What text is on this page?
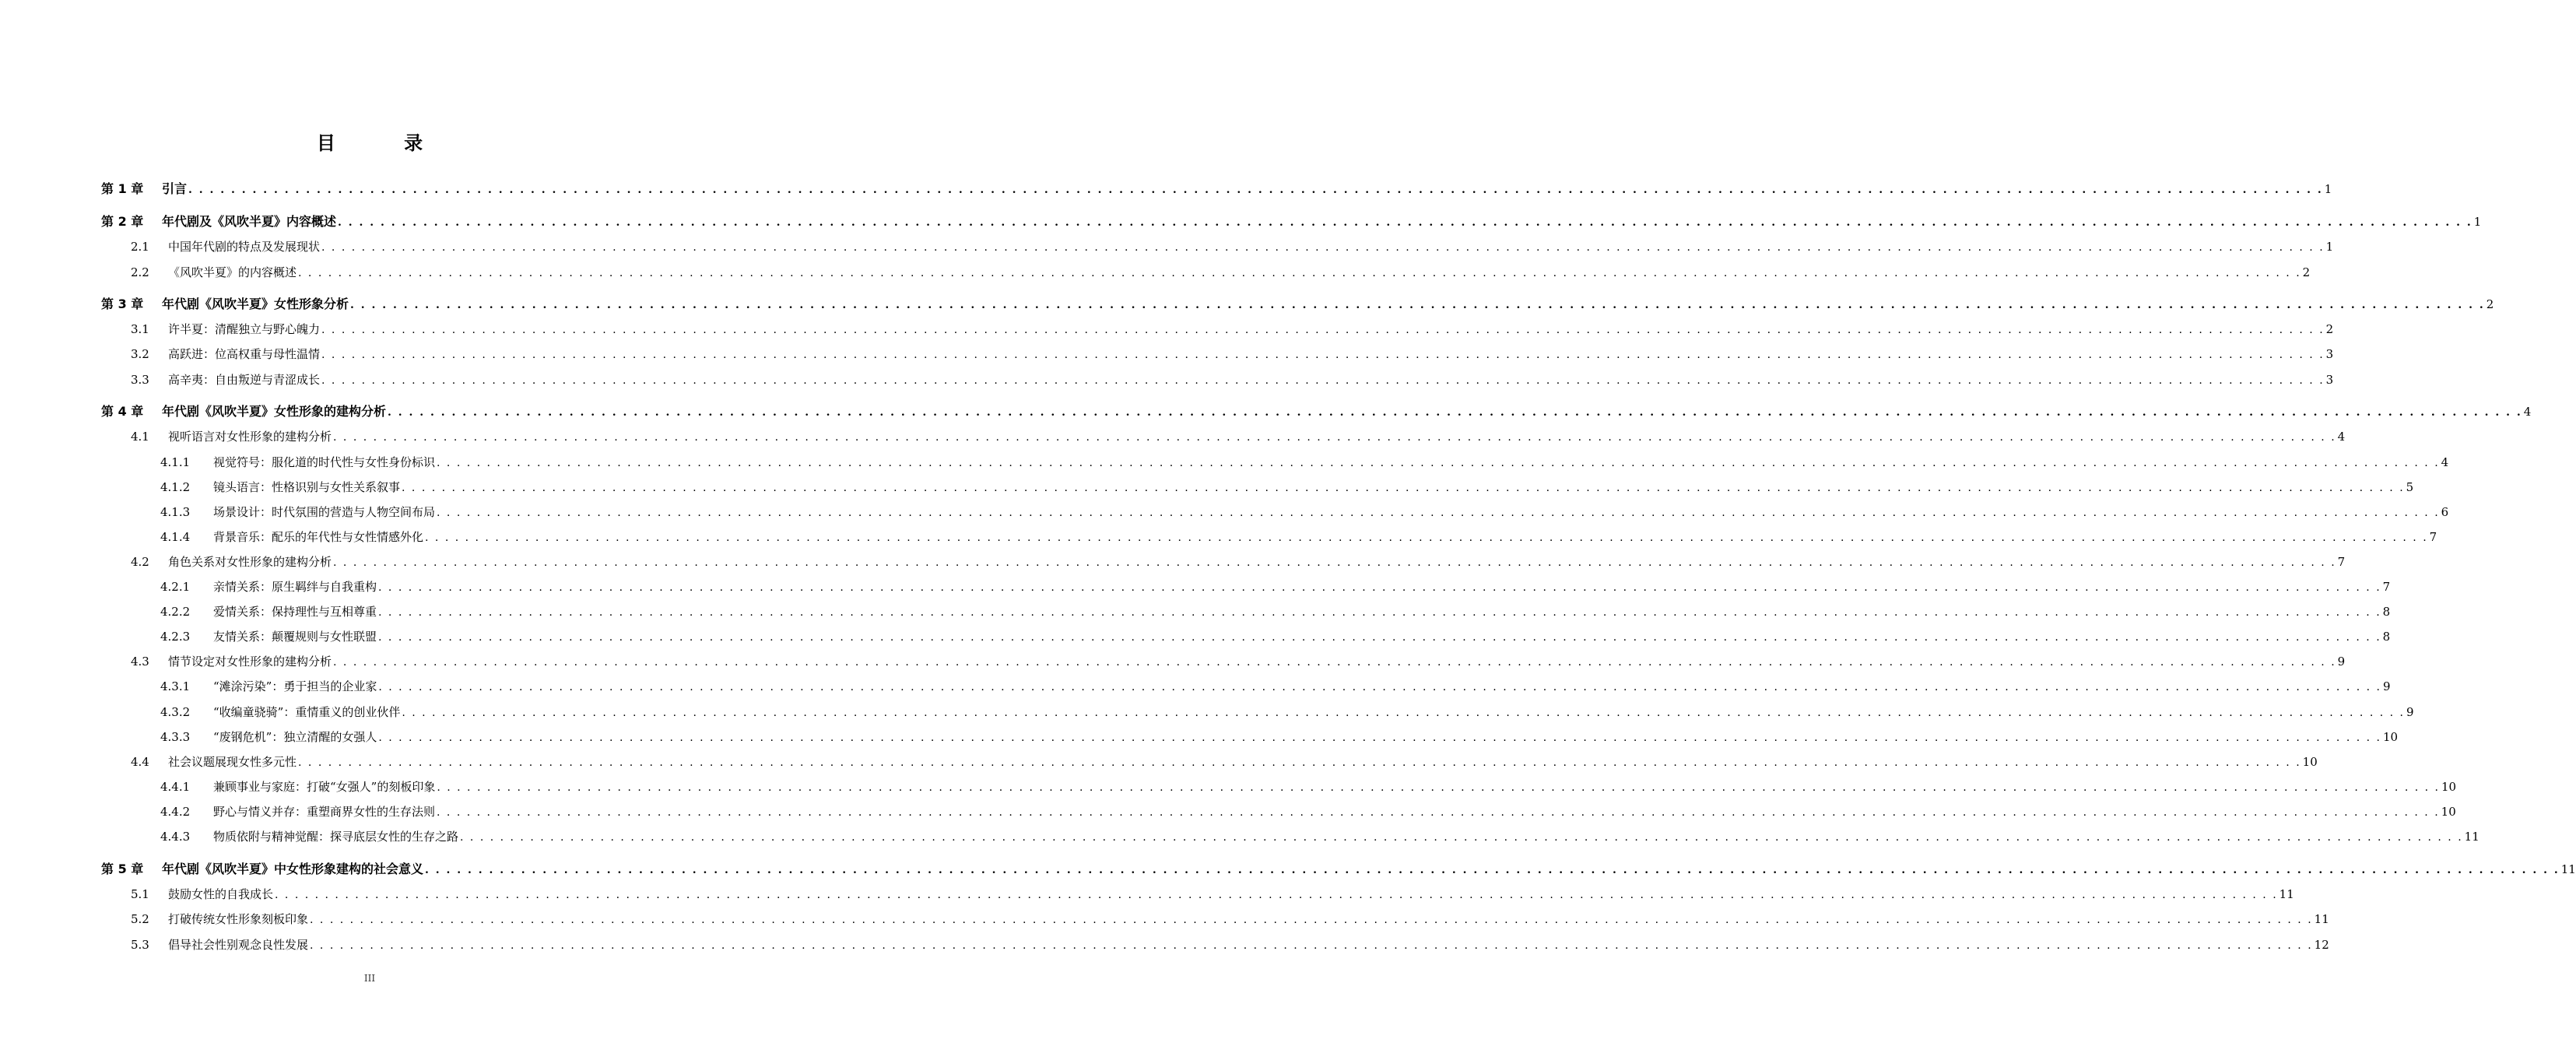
目 录
第 1 章	引言 . . . . . . . . . . . . . . . . . . . . . . . . . . . . . . . . . . . . . . . . . . . . . . . . . . . . . . . . . . . . . . . . . . . . . . . . . . . . . . . . . . . . . . . . . . . . . . . . . . . . . . . . . . . . . . . . . . . . . . . . . . . . . . . . . . . . . . . . . . . . . . . . . . . . . . . . . . . . . . . . . . . . . . . . . . . . . . . . . . . . . . . . . . . . . . . . . . . . . . . . 1
第 2 章	年代剧及《风吹半夏》内容概述 . . . . . . . . . . . . . . . . . . . . . . . . . . . . . . . . . . . . . . . . . . . . . . . . . . . . . . . . . . . . . . . . . . . . . . . . . . . . . . . . . . . . . . . . . . . . . . . . . . . . . . . . . . . . . . . . . . . . . . . . . . . . . . . . . . . . . . . . . . . . . . . . . . . . . . . . . . . . . . . . . . . . . . . . . . . . . . . . . . . . . . . . . . . . . . . . . . . . . . . . 1
2.1	中国年代剧的特点及发展现状 . . . . . . . . . . . . . . . . . . . . . . . . . . . . . . . . . . . . . . . . . . . . . . . . . . . . . . . . . . . . . . . . . . . . . . . . . . . . . . . . . . . . . . . . . . . . . . . . . . . . . . . . . . . . . . . . . . . . . . . . . . . . . . . . . . . . . . . . . . . . . . . . . . . . . . . . . . . . . . . . . . . . . . . . . . . . . . . . . . . . . . . . . . . . . . . . . . . . . . . . 1
2.2	《风吹半夏》的内容概述 . . . . . . . . . . . . . . . . . . . . . . . . . . . . . . . . . . . . . . . . . . . . . . . . . . . . . . . . . . . . . . . . . . . . . . . . . . . . . . . . . . . . . . . . . . . . . . . . . . . . . . . . . . . . . . . . . . . . . . . . . . . . . . . . . . . . . . . . . . . . . . . . . . . . . . . . . . . . . . . . . . . . . . . . . . . . . . . . . . . . . . . . . . . . . . . . . . . . . . . . 2
第 3 章	年代剧《风吹半夏》女性形象分析 . . . . . . . . . . . . . . . . . . . . . . . . . . . . . . . . . . . . . . . . . . . . . . . . . . . . . . . . . . . . . . . . . . . . . . . . . . . . . . . . . . . . . . . . . . . . . . . . . . . . . . . . . . . . . . . . . . . . . . . . . . . . . . . . . . . . . . . . . . . . . . . . . . . . . . . . . . . . . . . . . . . . . . . . . . . . . . . . . . . . . . . . . . . . . . . . . . . . . . . . 2
3.1	许半夏：清醒独立与野心魄力 . . . . . . . . . . . . . . . . . . . . . . . . . . . . . . . . . . . . . . . . . . . . . . . . . . . . . . . . . . . . . . . . . . . . . . . . . . . . . . . . . . . . . . . . . . . . . . . . . . . . . . . . . . . . . . . . . . . . . . . . . . . . . . . . . . . . . . . . . . . . . . . . . . . . . . . . . . . . . . . . . . . . . . . . . . . . . . . . . . . . . . . . . . . . . . . . . . . . . . . . 2
3.2	高跃进：位高权重与母性温情 . . . . . . . . . . . . . . . . . . . . . . . . . . . . . . . . . . . . . . . . . . . . . . . . . . . . . . . . . . . . . . . . . . . . . . . . . . . . . . . . . . . . . . . . . . . . . . . . . . . . . . . . . . . . . . . . . . . . . . . . . . . . . . . . . . . . . . . . . . . . . . . . . . . . . . . . . . . . . . . . . . . . . . . . . . . . . . . . . . . . . . . . . . . . . . . . . . . . . . . . 3
3.3	高辛夷：自由叛逆与青涩成长 . . . . . . . . . . . . . . . . . . . . . . . . . . . . . . . . . . . . . . . . . . . . . . . . . . . . . . . . . . . . . . . . . . . . . . . . . . . . . . . . . . . . . . . . . . . . . . . . . . . . . . . . . . . . . . . . . . . . . . . . . . . . . . . . . . . . . . . . . . . . . . . . . . . . . . . . . . . . . . . . . . . . . . . . . . . . . . . . . . . . . . . . . . . . . . . . . . . . . . . . 3
第 4 章	年代剧《风吹半夏》女性形象的建构分析 . . . . . . . . . . . . . . . . . . . . . . . . . . . . . . . . . . . . . . . . . . . . . . . . . . . . . . . . . . . . . . . . . . . . . . . . . . . . . . . . . . . . . . . . . . . . . . . . . . . . . . . . . . . . . . . . . . . . . . . . . . . . . . . . . . . . . . . . . . . . . . . . . . . . . . . . . . . . . . . . . . . . . . . . . . . . . . . . . . . . . . . . . . . . . . . . . . . . . . . . 4
4.1	视听语言对女性形象的建构分析 . . . . . . . . . . . . . . . . . . . . . . . . . . . . . . . . . . . . . . . . . . . . . . . . . . . . . . . . . . . . . . . . . . . . . . . . . . . . . . . . . . . . . . . . . . . . . . . . . . . . . . . . . . . . . . . . . . . . . . . . . . . . . . . . . . . . . . . . . . . . . . . . . . . . . . . . . . . . . . . . . . . . . . . . . . . . . . . . . . . . . . . . . . . . . . . . . . . . . . . . 4
4.1.1	视觉符号：服化道的时代性与女性身份标识 . . . . . . . . . . . . . . . . . . . . . . . . . . . . . . . . . . . . . . . . . . . . . . . . . . . . . . . . . . . . . . . . . . . . . . . . . . . . . . . . . . . . . . . . . . . . . . . . . . . . . . . . . . . . . . . . . . . . . . . . . . . . . . . . . . . . . . . . . . . . . . . . . . . . . . . . . . . . . . . . . . . . . . . . . . . . . . . . . . . . . . . . . . . . . . . . . . . . . . . . 4
4.1.2	镜头语言：性格识别与女性关系叙事 . . . . . . . . . . . . . . . . . . . . . . . . . . . . . . . . . . . . . . . . . . . . . . . . . . . . . . . . . . . . . . . . . . . . . . . . . . . . . . . . . . . . . . . . . . . . . . . . . . . . . . . . . . . . . . . . . . . . . . . . . . . . . . . . . . . . . . . . . . . . . . . . . . . . . . . . . . . . . . . . . . . . . . . . . . . . . . . . . . . . . . . . . . . . . . . . . . . . . . . . 5
4.1.3	场景设计：时代氛围的营造与人物空间布局 . . . . . . . . . . . . . . . . . . . . . . . . . . . . . . . . . . . . . . . . . . . . . . . . . . . . . . . . . . . . . . . . . . . . . . . . . . . . . . . . . . . . . . . . . . . . . . . . . . . . . . . . . . . . . . . . . . . . . . . . . . . . . . . . . . . . . . . . . . . . . . . . . . . . . . . . . . . . . . . . . . . . . . . . . . . . . . . . . . . . . . . . . . . . . . . . . . . . . . . . 6
4.1.4	背景音乐：配乐的年代性与女性情感外化 . . . . . . . . . . . . . . . . . . . . . . . . . . . . . . . . . . . . . . . . . . . . . . . . . . . . . . . . . . . . . . . . . . . . . . . . . . . . . . . . . . . . . . . . . . . . . . . . . . . . . . . . . . . . . . . . . . . . . . . . . . . . . . . . . . . . . . . . . . . . . . . . . . . . . . . . . . . . . . . . . . . . . . . . . . . . . . . . . . . . . . . . . . . . . . . . . . . . . . . . 7
4.2	角色关系对女性形象的建构分析 . . . . . . . . . . . . . . . . . . . . . . . . . . . . . . . . . . . . . . . . . . . . . . . . . . . . . . . . . . . . . . . . . . . . . . . . . . . . . . . . . . . . . . . . . . . . . . . . . . . . . . . . . . . . . . . . . . . . . . . . . . . . . . . . . . . . . . . . . . . . . . . . . . . . . . . . . . . . . . . . . . . . . . . . . . . . . . . . . . . . . . . . . . . . . . . . . . . . . . . . 7
4.2.1	亲情关系：原生羁绊与自我重构 . . . . . . . . . . . . . . . . . . . . . . . . . . . . . . . . . . . . . . . . . . . . . . . . . . . . . . . . . . . . . . . . . . . . . . . . . . . . . . . . . . . . . . . . . . . . . . . . . . . . . . . . . . . . . . . . . . . . . . . . . . . . . . . . . . . . . . . . . . . . . . . . . . . . . . . . . . . . . . . . . . . . . . . . . . . . . . . . . . . . . . . . . . . . . . . . . . . . . . . . 7
4.2.2	爱情关系：保持理性与互相尊重 . . . . . . . . . . . . . . . . . . . . . . . . . . . . . . . . . . . . . . . . . . . . . . . . . . . . . . . . . . . . . . . . . . . . . . . . . . . . . . . . . . . . . . . . . . . . . . . . . . . . . . . . . . . . . . . . . . . . . . . . . . . . . . . . . . . . . . . . . . . . . . . . . . . . . . . . . . . . . . . . . . . . . . . . . . . . . . . . . . . . . . . . . . . . . . . . . . . . . . . . 8
4.2.3	友情关系：颠覆规则与女性联盟 . . . . . . . . . . . . . . . . . . . . . . . . . . . . . . . . . . . . . . . . . . . . . . . . . . . . . . . . . . . . . . . . . . . . . . . . . . . . . . . . . . . . . . . . . . . . . . . . . . . . . . . . . . . . . . . . . . . . . . . . . . . . . . . . . . . . . . . . . . . . . . . . . . . . . . . . . . . . . . . . . . . . . . . . . . . . . . . . . . . . . . . . . . . . . . . . . . . . . . . . 8
4.3	情节设定对女性形象的建构分析 . . . . . . . . . . . . . . . . . . . . . . . . . . . . . . . . . . . . . . . . . . . . . . . . . . . . . . . . . . . . . . . . . . . . . . . . . . . . . . . . . . . . . . . . . . . . . . . . . . . . . . . . . . . . . . . . . . . . . . . . . . . . . . . . . . . . . . . . . . . . . . . . . . . . . . . . . . . . . . . . . . . . . . . . . . . . . . . . . . . . . . . . . . . . . . . . . . . . . . . . 9
4.3.1	“滩涂污染”：勇于担当的企业家 . . . . . . . . . . . . . . . . . . . . . . . . . . . . . . . . . . . . . . . . . . . . . . . . . . . . . . . . . . . . . . . . . . . . . . . . . . . . . . . . . . . . . . . . . . . . . . . . . . . . . . . . . . . . . . . . . . . . . . . . . . . . . . . . . . . . . . . . . . . . . . . . . . . . . . . . . . . . . . . . . . . . . . . . . . . . . . . . . . . . . . . . . . . . . . . . . . . . . . . . 9
4.3.2	“收编童骁骑”：重情重义的创业伙伴 . . . . . . . . . . . . . . . . . . . . . . . . . . . . . . . . . . . . . . . . . . . . . . . . . . . . . . . . . . . . . . . . . . . . . . . . . . . . . . . . . . . . . . . . . . . . . . . . . . . . . . . . . . . . . . . . . . . . . . . . . . . . . . . . . . . . . . . . . . . . . . . . . . . . . . . . . . . . . . . . . . . . . . . . . . . . . . . . . . . . . . . . . . . . . . . . . . . . . . . . 9
4.3.3	“废钢危机”：独立清醒的女强人 . . . . . . . . . . . . . . . . . . . . . . . . . . . . . . . . . . . . . . . . . . . . . . . . . . . . . . . . . . . . . . . . . . . . . . . . . . . . . . . . . . . . . . . . . . . . . . . . . . . . . . . . . . . . . . . . . . . . . . . . . . . . . . . . . . . . . . . . . . . . . . . . . . . . . . . . . . . . . . . . . . . . . . . . . . . . . . . . . . . . . . . . . . . . . . . . . . . . . . . . 10
4.4	社会议题展现女性多元性 . . . . . . . . . . . . . . . . . . . . . . . . . . . . . . . . . . . . . . . . . . . . . . . . . . . . . . . . . . . . . . . . . . . . . . . . . . . . . . . . . . . . . . . . . . . . . . . . . . . . . . . . . . . . . . . . . . . . . . . . . . . . . . . . . . . . . . . . . . . . . . . . . . . . . . . . . . . . . . . . . . . . . . . . . . . . . . . . . . . . . . . . . . . . . . . . . . . . . . . . 10
4.4.1	兼顾事业与家庭：打破“女强人”的刻板印象 . . . . . . . . . . . . . . . . . . . . . . . . . . . . . . . . . . . . . . . . . . . . . . . . . . . . . . . . . . . . . . . . . . . . . . . . . . . . . . . . . . . . . . . . . . . . . . . . . . . . . . . . . . . . . . . . . . . . . . . . . . . . . . . . . . . . . . . . . . . . . . . . . . . . . . . . . . . . . . . . . . . . . . . . . . . . . . . . . . . . . . . . . . . . . . . . . . . . . . . . 10
4.4.2	野心与情义并存：重塑商界女性的生存法则 . . . . . . . . . . . . . . . . . . . . . . . . . . . . . . . . . . . . . . . . . . . . . . . . . . . . . . . . . . . . . . . . . . . . . . . . . . . . . . . . . . . . . . . . . . . . . . . . . . . . . . . . . . . . . . . . . . . . . . . . . . . . . . . . . . . . . . . . . . . . . . . . . . . . . . . . . . . . . . . . . . . . . . . . . . . . . . . . . . . . . . . . . . . . . . . . . . . . . . . . 10
4.4.3	物质依附与精神觉醒：探寻底层女性的生存之路 . . . . . . . . . . . . . . . . . . . . . . . . . . . . . . . . . . . . . . . . . . . . . . . . . . . . . . . . . . . . . . . . . . . . . . . . . . . . . . . . . . . . . . . . . . . . . . . . . . . . . . . . . . . . . . . . . . . . . . . . . . . . . . . . . . . . . . . . . . . . . . . . . . . . . . . . . . . . . . . . . . . . . . . . . . . . . . . . . . . . . . . . . . . . . . . . . . . . . . . . 11
第 5 章	年代剧《风吹半夏》中女性形象建构的社会意义 . . . . . . . . . . . . . . . . . . . . . . . . . . . . . . . . . . . . . . . . . . . . . . . . . . . . . . . . . . . . . . . . . . . . . . . . . . . . . . . . . . . . . . . . . . . . . . . . . . . . . . . . . . . . . . . . . . . . . . . . . . . . . . . . . . . . . . . . . . . . . . . . . . . . . . . . . . . . . . . . . . . . . . . . . . . . . . . . . . . . . . . . . . . . . . . . . . . . . . . . 11
5.1	鼓励女性的自我成长 . . . . . . . . . . . . . . . . . . . . . . . . . . . . . . . . . . . . . . . . . . . . . . . . . . . . . . . . . . . . . . . . . . . . . . . . . . . . . . . . . . . . . . . . . . . . . . . . . . . . . . . . . . . . . . . . . . . . . . . . . . . . . . . . . . . . . . . . . . . . . . . . . . . . . . . . . . . . . . . . . . . . . . . . . . . . . . . . . . . . . . . . . . . . . . . . . . . . . . . . 11
5.2	打破传统女性形象刻板印象 . . . . . . . . . . . . . . . . . . . . . . . . . . . . . . . . . . . . . . . . . . . . . . . . . . . . . . . . . . . . . . . . . . . . . . . . . . . . . . . . . . . . . . . . . . . . . . . . . . . . . . . . . . . . . . . . . . . . . . . . . . . . . . . . . . . . . . . . . . . . . . . . . . . . . . . . . . . . . . . . . . . . . . . . . . . . . . . . . . . . . . . . . . . . . . . . . . . . . . . . 11
5.3	倡导社会性别观念良性发展 . . . . . . . . . . . . . . . . . . . . . . . . . . . . . . . . . . . . . . . . . . . . . . . . . . . . . . . . . . . . . . . . . . . . . . . . . . . . . . . . . . . . . . . . . . . . . . . . . . . . . . . . . . . . . . . . . . . . . . . . . . . . . . . . . . . . . . . . . . . . . . . . . . . . . . . . . . . . . . . . . . . . . . . . . . . . . . . . . . . . . . . . . . . . . . . . . . . . . . . . 12
III
